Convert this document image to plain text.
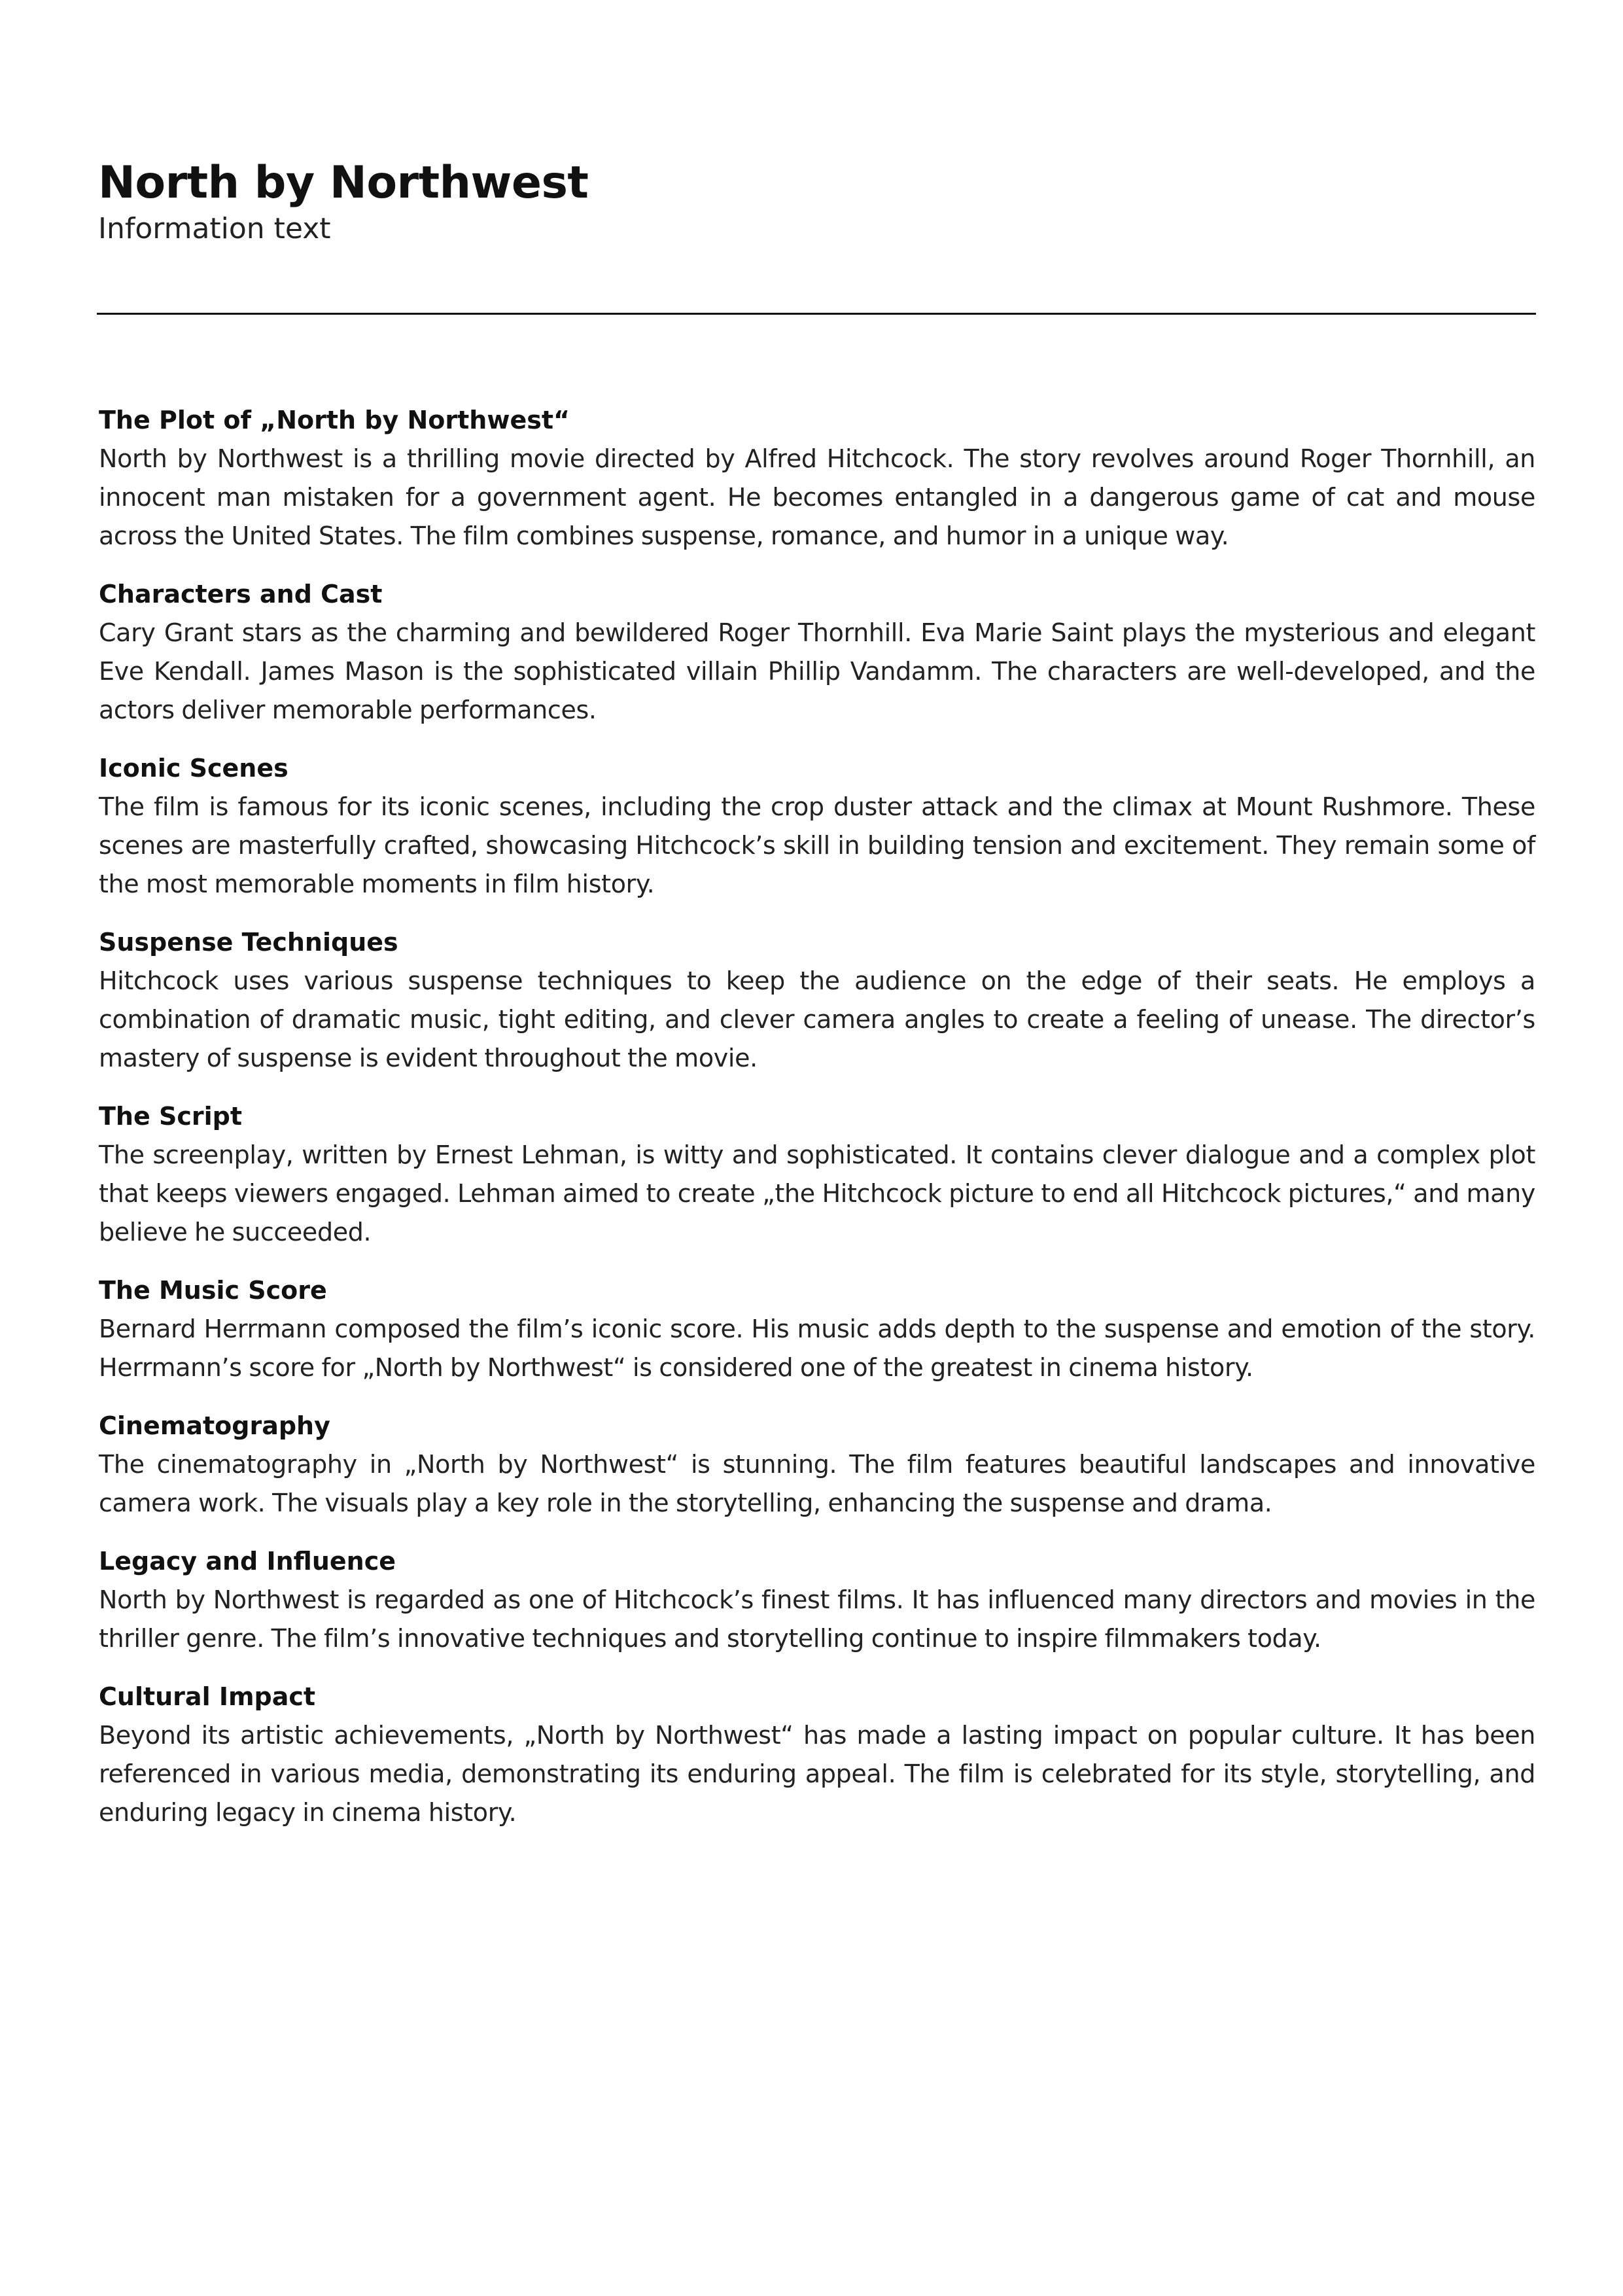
North by Northwest

Information text

The Plot of „North by Northwest“

North by Northwest is a thrilling movie directed by Alfred Hitchcock. The story revolves around Roger Thornhill, an innocent man mistaken for a government agent. He becomes entangled in a dangerous game of cat and mouse across the United States. The film combines suspense, romance, and humor in a unique way.

Characters and Cast

Cary Grant stars as the charming and bewildered Roger Thornhill. Eva Marie Saint plays the mysterious and elegant Eve Kendall. James Mason is the sophisticated villain Phillip Vandamm. The characters are well-developed, and the actors deliver memorable performances.

Iconic Scenes

The film is famous for its iconic scenes, including the crop duster attack and the climax at Mount Rushmore. These scenes are masterfully crafted, showcasing Hitchcock’s skill in building tension and excitement. They remain some of the most memorable moments in film history.

Suspense Techniques

Hitchcock uses various suspense techniques to keep the audience on the edge of their seats. He employs a combination of dramatic music, tight editing, and clever camera angles to create a feeling of unease. The director’s mastery of suspense is evident throughout the movie.

The Script

The screenplay, written by Ernest Lehman, is witty and sophisticated. It contains clever dialogue and a complex plot that keeps viewers engaged. Lehman aimed to create „the Hitchcock picture to end all Hitchcock pictures,“ and many believe he succeeded.

The Music Score

Bernard Herrmann composed the film’s iconic score. His music adds depth to the suspense and emotion of the story. Herrmann’s score for „North by Northwest“ is considered one of the greatest in cinema history.

Cinematography

The cinematography in „North by Northwest“ is stunning. The film features beautiful landscapes and innovative camera work. The visuals play a key role in the storytelling, enhancing the suspense and drama.

Legacy and Influence

North by Northwest is regarded as one of Hitchcock’s finest films. It has influenced many directors and movies in the thriller genre. The film’s innovative techniques and storytelling continue to inspire filmmakers today.

Cultural Impact

Beyond its artistic achievements, „North by Northwest“ has made a lasting impact on popular culture. It has been referenced in various media, demonstrating its enduring appeal. The film is celebrated for its style, storytelling, and enduring legacy in cinema history.
